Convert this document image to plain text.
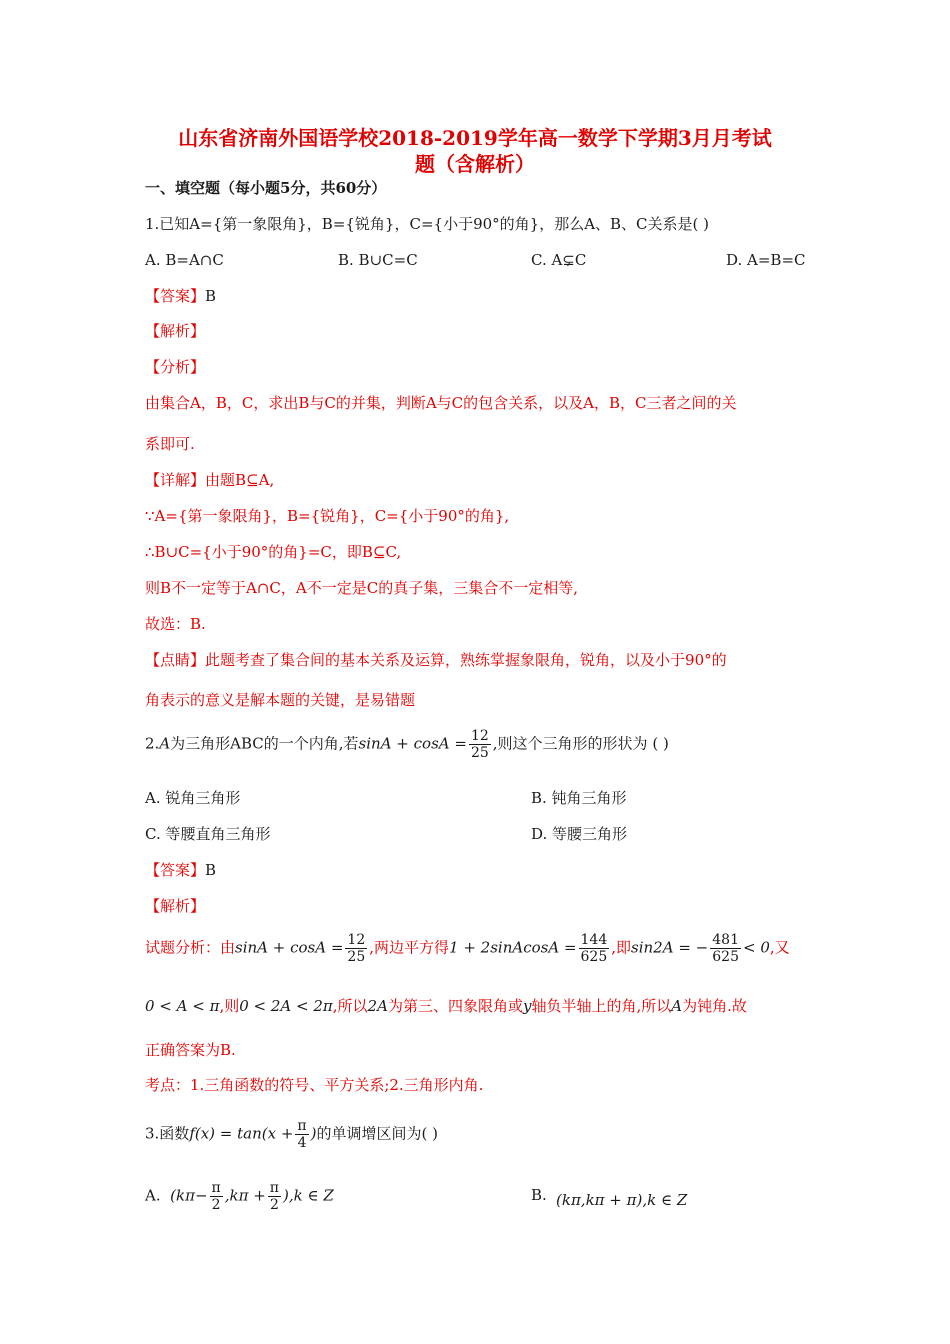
山东省济南外国语学校2018-2019学年高一数学下学期3月月考试
题（含解析）
一、填空题（每小题5分，共60分）
1.已知A={第一象限角}，B={锐角}，C={小于90°的角}，那么A、B、C关系是( )
A. B=A∩C	B. B∪C=C	C. A⊊C	D. A=B=C
【答案】B
【解析】
【分析】
由集合A，B，C，求出B与C的并集，判断A与C的包含关系，以及A，B，C三者之间的关
系即可.
【详解】由题B⊆A,
∵A={第一象限角}，B={锐角}，C={小于90°的角},
∴B∪C={小于90°的角}=C，即B⊆C,
则B不一定等于A∩C，A不一定是C的真子集，三集合不一定相等,
故选：B.
【点睛】此题考查了集合间的基本关系及运算，熟练掌握象限角，锐角，以及小于90°的
角表示的意义是解本题的关键，是易错题
2.A为三角形ABC的一个内角,若$\sin A + \cos A = \frac{12}{25}$ ,则这个三角形的形状为 ( )
A. 锐角三角形	B. 钝角三角形
C. 等腰直角三角形	D. 等腰三角形
【答案】B
【解析】
试题分析：由$\sin A + \cos A = \frac{12}{25}$ ,两边平方得1 + 2sinAcosA = $\frac{144}{625}$ ,即sin2A = − $\frac{481}{625} < 0$,又
0 < A < π,则0 < 2A < 2π,所以2A为第三、四象限角或y轴负半轴上的角,所以A为钝角.故
正确答案为B.
考点：1.三角函数的符号、平方关系;2.三角形内角.
3.函数$f(x) = \tan(x + \frac{\pi}{4}$ )的单调增区间为( )
A. $(k\pi- \frac{\pi}{2} ,k\pi + \frac{\pi}{2} ),k$ ∈ Z	B. (kπ,kπ + π),k ∈ Z
